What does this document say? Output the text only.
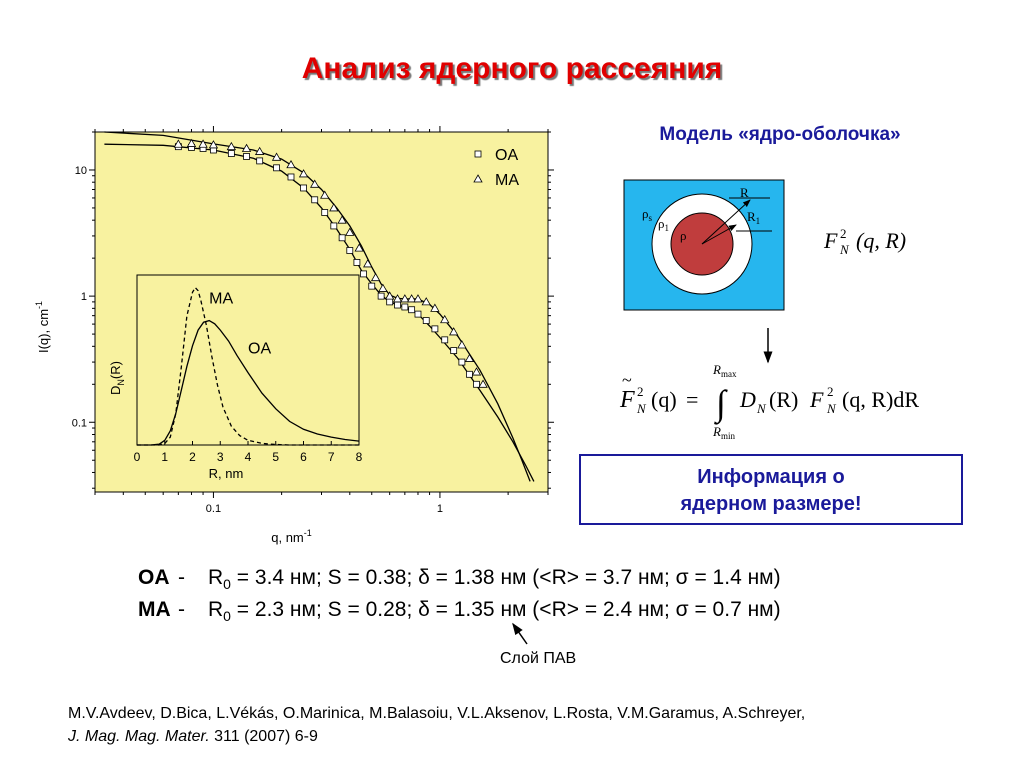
Анализ ядерного рассеяния
0.1	1
0.1
1
10
q, $nm^{-1}$
I(q), $cm^{-1}$
OA
MA
0 1 2 3 4 5 6 7 8
R, nm
$D_N(R)$
MA
OA
Модель «ядро-оболочка»
R
$R_1$
$\rho_s$ $\rho_1$ ρ	F 2
N (q, R)
F
~
2
N (q) =
$R_{max}$
∫
$R_{min}$
D N (R) F 2
N (q, R)dR
Информация о
ядерном размере!
OA - $R_0 = 3.4$ нм; S = 0.38; δ = 1.38 нм (<R> = 3.7 нм; σ = 1.4 нм)
MA - $R_0 = 2.3$ нм; S = 0.28; δ = 1.35 нм (<R> = 2.4 нм; σ = 0.7 нм)
Слой ПАВ
M.V.Avdeev, D.Bica, L.Vékás, O.Marinica, M.Balasoiu, V.L.Aksenov, L.Rosta, V.M.Garamus, A.Schreyer,
J. Mag. Mag. Mater. 311 (2007) 6-9
